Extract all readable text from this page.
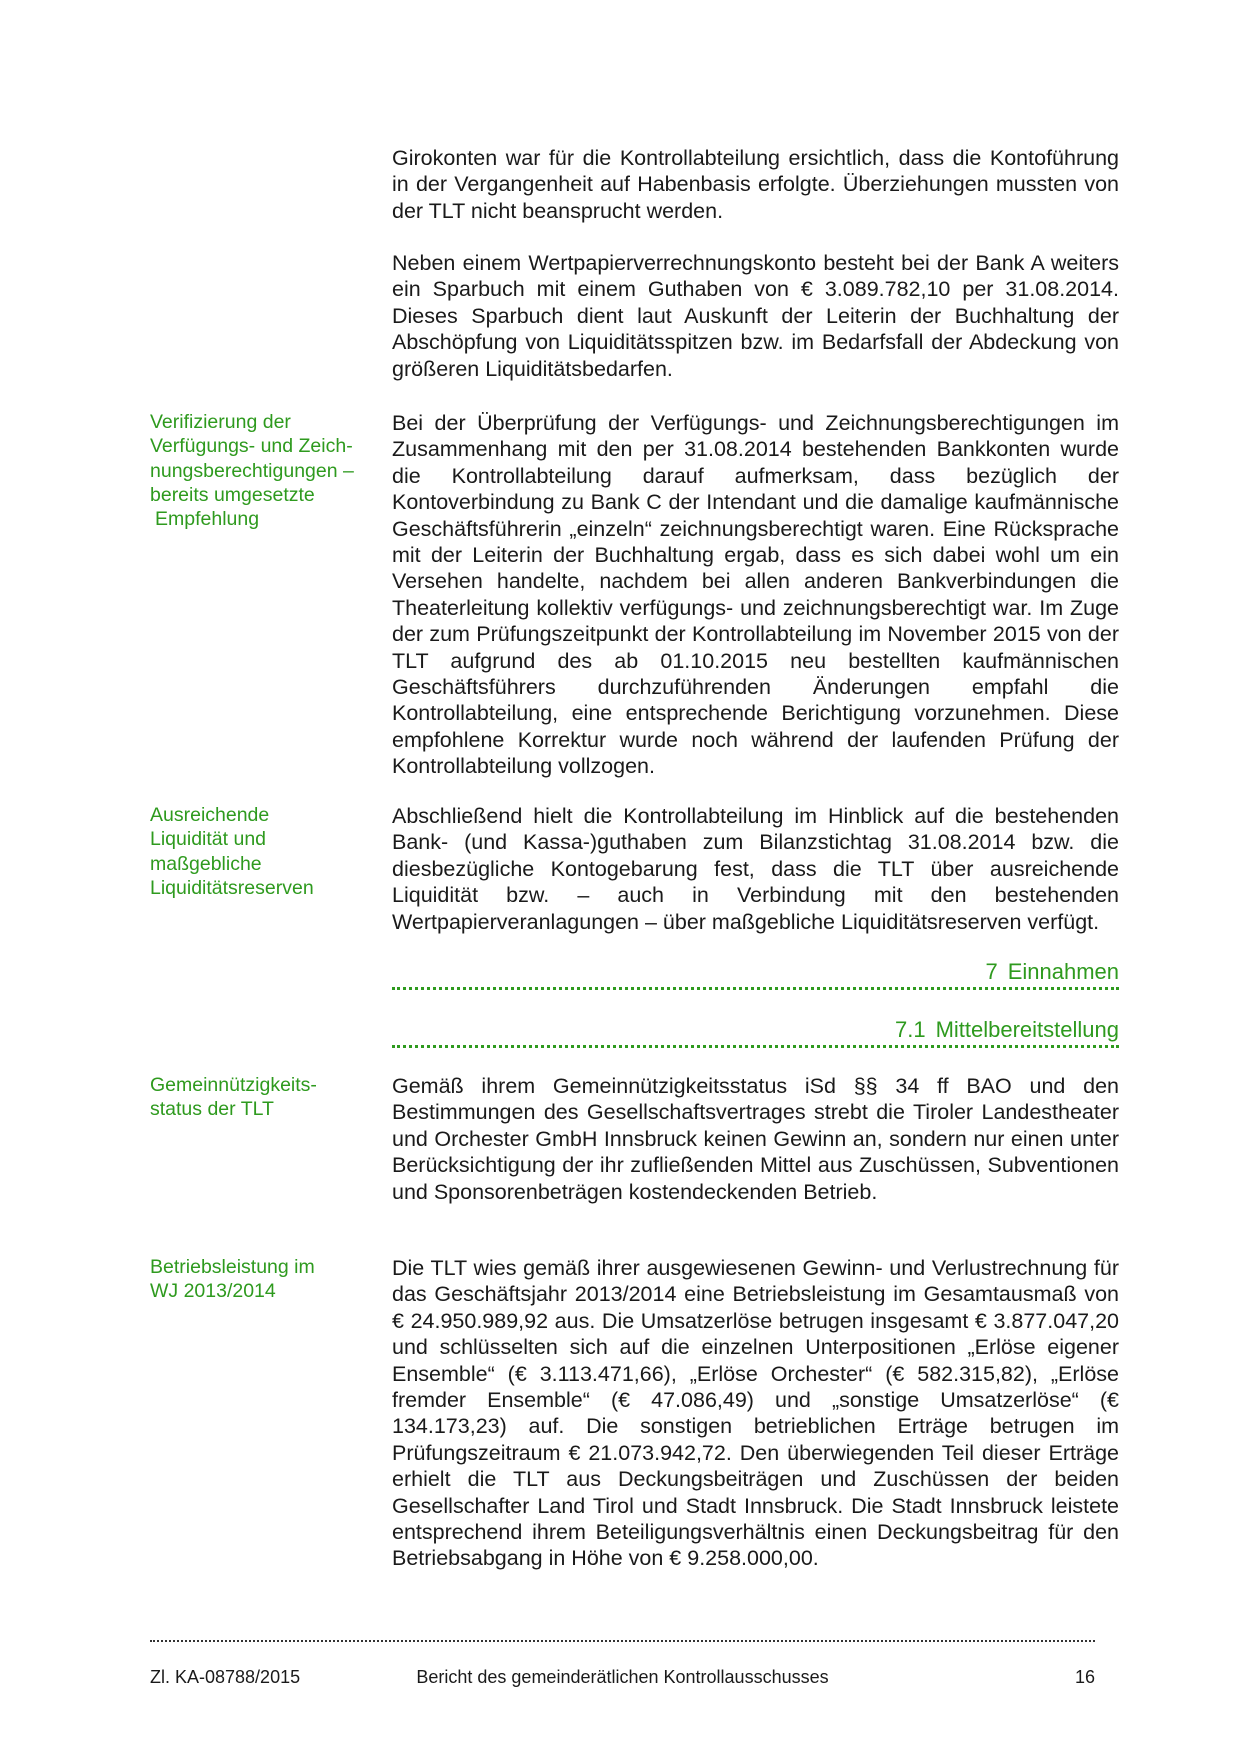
Girokonten war für die Kontrollabteilung ersichtlich, dass die Kontoführung in der Vergangenheit auf Habenbasis erfolgte. Überziehungen mussten von der TLT nicht beansprucht werden.

Neben einem Wertpapierverrechnungskonto besteht bei der Bank A weiters ein Sparbuch mit einem Guthaben von € 3.089.782,10 per 31.08.2014. Dieses Sparbuch dient laut Auskunft der Leiterin der Buchhaltung der Abschöpfung von Liquiditätsspitzen bzw. im Bedarfsfall der Abdeckung von größeren Liquiditätsbedarfen.

Verifizierung der
Verfügungs- und Zeich-
nungsberechtigungen –
bereits umgesetzte
Empfehlung

Bei der Überprüfung der Verfügungs- und Zeichnungsberechtigungen im Zusammenhang mit den per 31.08.2014 bestehenden Bankkonten wurde die Kontrollabteilung darauf aufmerksam, dass bezüglich der Kontoverbindung zu Bank C der Intendant und die damalige kaufmännische Geschäftsführerin „einzeln“ zeichnungsberechtigt waren. Eine Rücksprache mit der Leiterin der Buchhaltung ergab, dass es sich dabei wohl um ein Versehen handelte, nachdem bei allen anderen Bankverbindungen die Theaterleitung kollektiv verfügungs- und zeichnungsberechtigt war. Im Zuge der zum Prüfungszeitpunkt der Kontrollabteilung im November 2015 von der TLT aufgrund des ab 01.10.2015 neu bestellten kaufmännischen Geschäftsführers durchzuführenden Änderungen empfahl die Kontrollabteilung, eine entsprechende Berichtigung vorzunehmen. Diese empfohlene Korrektur wurde noch während der laufenden Prüfung der Kontrollabteilung vollzogen.

Ausreichende
Liquidität und
maßgebliche
Liquiditätsreserven

Abschließend hielt die Kontrollabteilung im Hinblick auf die bestehenden Bank- (und Kassa-)guthaben zum Bilanzstichtag 31.08.2014 bzw. die diesbezügliche Kontogebarung fest, dass die TLT über ausreichende Liquidität bzw. – auch in Verbindung mit den bestehenden Wertpapierveranlagungen – über maßgebliche Liquiditätsreserven verfügt.

7 Einnahmen
7.1 Mittelbereitstellung
Gemeinnützigkeits-
status der TLT

Gemäß ihrem Gemeinnützigkeitsstatus iSd §§ 34 ff BAO und den Bestimmungen des Gesellschaftsvertrages strebt die Tiroler Landestheater und Orchester GmbH Innsbruck keinen Gewinn an, sondern nur einen unter Berücksichtigung der ihr zufließenden Mittel aus Zuschüssen, Subventionen und Sponsorenbeträgen kostendeckenden Betrieb.

Betriebsleistung im
WJ 2013/2014

Die TLT wies gemäß ihrer ausgewiesenen Gewinn- und Verlustrechnung für das Geschäftsjahr 2013/2014 eine Betriebsleistung im Gesamtausmaß von € 24.950.989,92 aus. Die Umsatzerlöse betrugen insgesamt € 3.877.047,20 und schlüsselten sich auf die einzelnen Unterpositionen „Erlöse eigener Ensemble“ (€ 3.113.471,66), „Erlöse Orchester“ (€ 582.315,82), „Erlöse fremder Ensemble“ (€ 47.086,49) und „sonstige Umsatzerlöse“ (€ 134.173,23) auf. Die sonstigen betrieblichen Erträge betrugen im Prüfungszeitraum € 21.073.942,72. Den überwiegenden Teil dieser Erträge erhielt die TLT aus Deckungsbeiträgen und Zuschüssen der beiden Gesellschafter Land Tirol und Stadt Innsbruck. Die Stadt Innsbruck leistete entsprechend ihrem Beteiligungsverhältnis einen Deckungsbeitrag für den Betriebsabgang in Höhe von € 9.258.000,00.

Zl. KA-08788/2015	Bericht des gemeinderätlichen Kontrollausschusses	16
